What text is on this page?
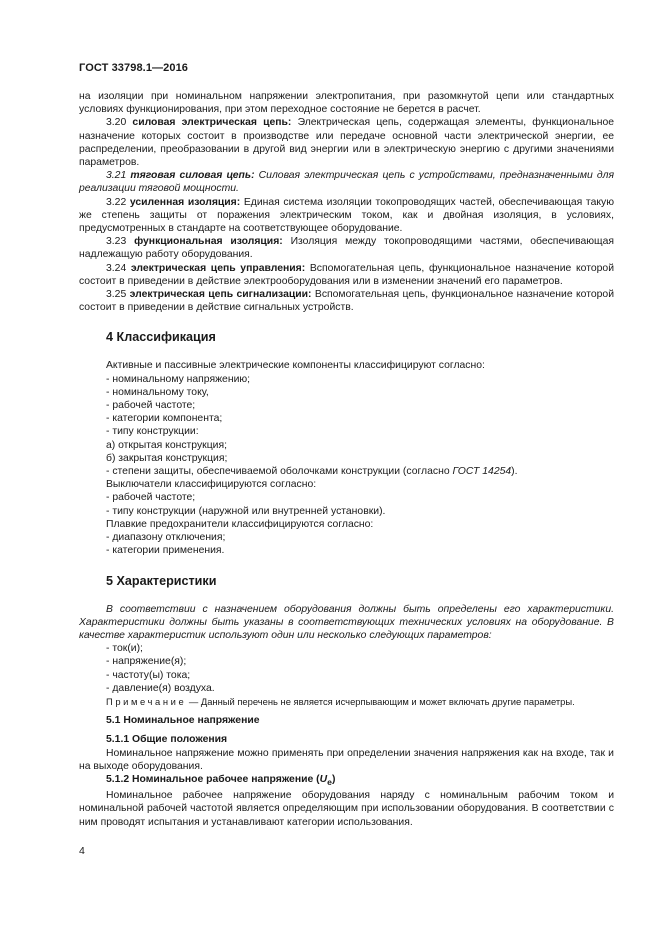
ГОСТ 33798.1—2016

на изоляции при номинальном напряжении электропитания, при разомкнутой цепи или стандартных условиях функционирования, при этом переходное состояние не берется в расчет.

3.20 силовая электрическая цепь: Электрическая цепь, содержащая элементы, функциональное назначение которых состоит в производстве или передаче основной части электрической энергии, ее распределении, преобразовании в другой вид энергии или в электрическую энергию с другими значениями параметров.

3.21 тяговая силовая цепь: Силовая электрическая цепь с устройствами, предназначенными для реализации тяговой мощности.

3.22 усиленная изоляция: Единая система изоляции токопроводящих частей, обеспечивающая такую же степень защиты от поражения электрическим током, как и двойная изоляция, в условиях, предусмотренных в стандарте на соответствующее оборудование.

3.23 функциональная изоляция: Изоляция между токопроводящими частями, обеспечивающая надлежащую работу оборудования.

3.24 электрическая цепь управления: Вспомогательная цепь, функциональное назначение которой состоит в приведении в действие электрооборудования или в изменении значений его параметров.

3.25 электрическая цепь сигнализации: Вспомогательная цепь, функциональное назначение которой состоит в приведении в действие сигнальных устройств.

4 Классификация

Активные и пассивные электрические компоненты классифицируют согласно:

- номинальному напряжению;

- номинальному току,

- рабочей частоте;

- категории компонента;

- типу конструкции:

а) открытая конструкция;

б) закрытая конструкция;

- степени защиты, обеспечиваемой оболочками конструкции (согласно ГОСТ 14254).

Выключатели классифицируются согласно:

- рабочей частоте;

- типу конструкции (наружной или внутренней установки).

Плавкие предохранители классифицируются согласно:

- диапазону отключения;

- категории применения.

5 Характеристики

В соответствии с назначением оборудования должны быть определены его характеристики. Характеристики должны быть указаны в соответствующих технических условиях на оборудование. В качестве характеристик используют один или несколько следующих параметров:

- ток(и);

- напряжение(я);

- частоту(ы) тока;

- давление(я) воздуха.

Примечание — Данный перечень не является исчерпывающим и может включать другие параметры.

5.1 Номинальное напряжение

5.1.1 Общие положения

Номинальное напряжение можно применять при определении значения напряжения как на входе, так и на выходе оборудования.

5.1.2 Номинальное рабочее напряжение $(U_e)$

Номинальное рабочее напряжение оборудования наряду с номинальным рабочим током и номинальной рабочей частотой является определяющим при использовании оборудования. В соответствии с ним проводят испытания и устанавливают категории использования.

4
